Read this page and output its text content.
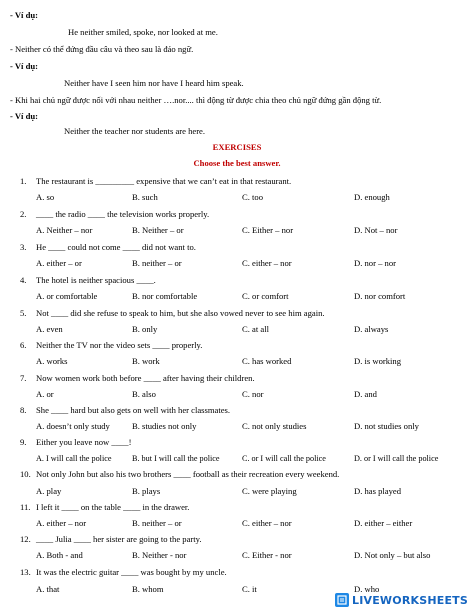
- Ví dụ:
He neither smiled, spoke, nor looked at me.
- Neither có thể đứng đầu câu và theo sau là đảo ngữ.
- Ví dụ:
Neither have I seen him nor have I heard him speak.
- Khi hai chủ ngữ được nối với nhau neither ….nor.... thì động từ được chia theo chủ ngữ đứng gần động từ.
- Ví dụ:
Neither the teacher nor students are here.
EXERCISES
Choose the best answer.
1. The restaurant is _________ expensive that we can’t eat in that restaurant.
A. so	B. such	C. too	D. enough
2. ____ the radio ____ the television works properly.
A. Neither – nor	B. Neither – or	C. Either – nor	D. Not – nor
3. He ____ could not come ____ did not want to.
A. either – or	B. neither – or	C. either – nor	D. nor – nor
4. The hotel is neither spacious ____.
A. or comfortable	B. nor comfortable	C. or comfort	D. nor comfort
5. Not ____ did she refuse to speak to him, but she also vowed never to see him again.
A. even	B. only	C. at all	D. always
6. Neither the TV nor the video sets ____ properly.
A. works	B. work	C. has worked	D. is working
7. Now women work both before ____ after having their children.
A. or	B. also	C. nor	D. and
8. She ____ hard but also gets on well with her classmates.
A. doesn’t only study	B. studies not only	C. not only studies	D. not studies only
9. Either you leave now ____!
A. I will call the police	B. but I will call the police	C. or I will call the police	D. or I will call the police
10. Not only John but also his two brothers ____ football as their recreation every weekend.
A. play	B. plays	C. were playing	D. has played
11. I left it ____ on the table ____ in the drawer.
A. either – nor	B. neither – or	C. either – nor	D. either – either
12. ____ Julia ____ her sister are going to the party.
A. Both - and	B. Neither - nor	C. Either - nor	D. Not only – but also
13. It was the electric guitar ____ was bought by my uncle.
A. that	B. whom	C. it	D. who
LIVEWORKSHEETS
